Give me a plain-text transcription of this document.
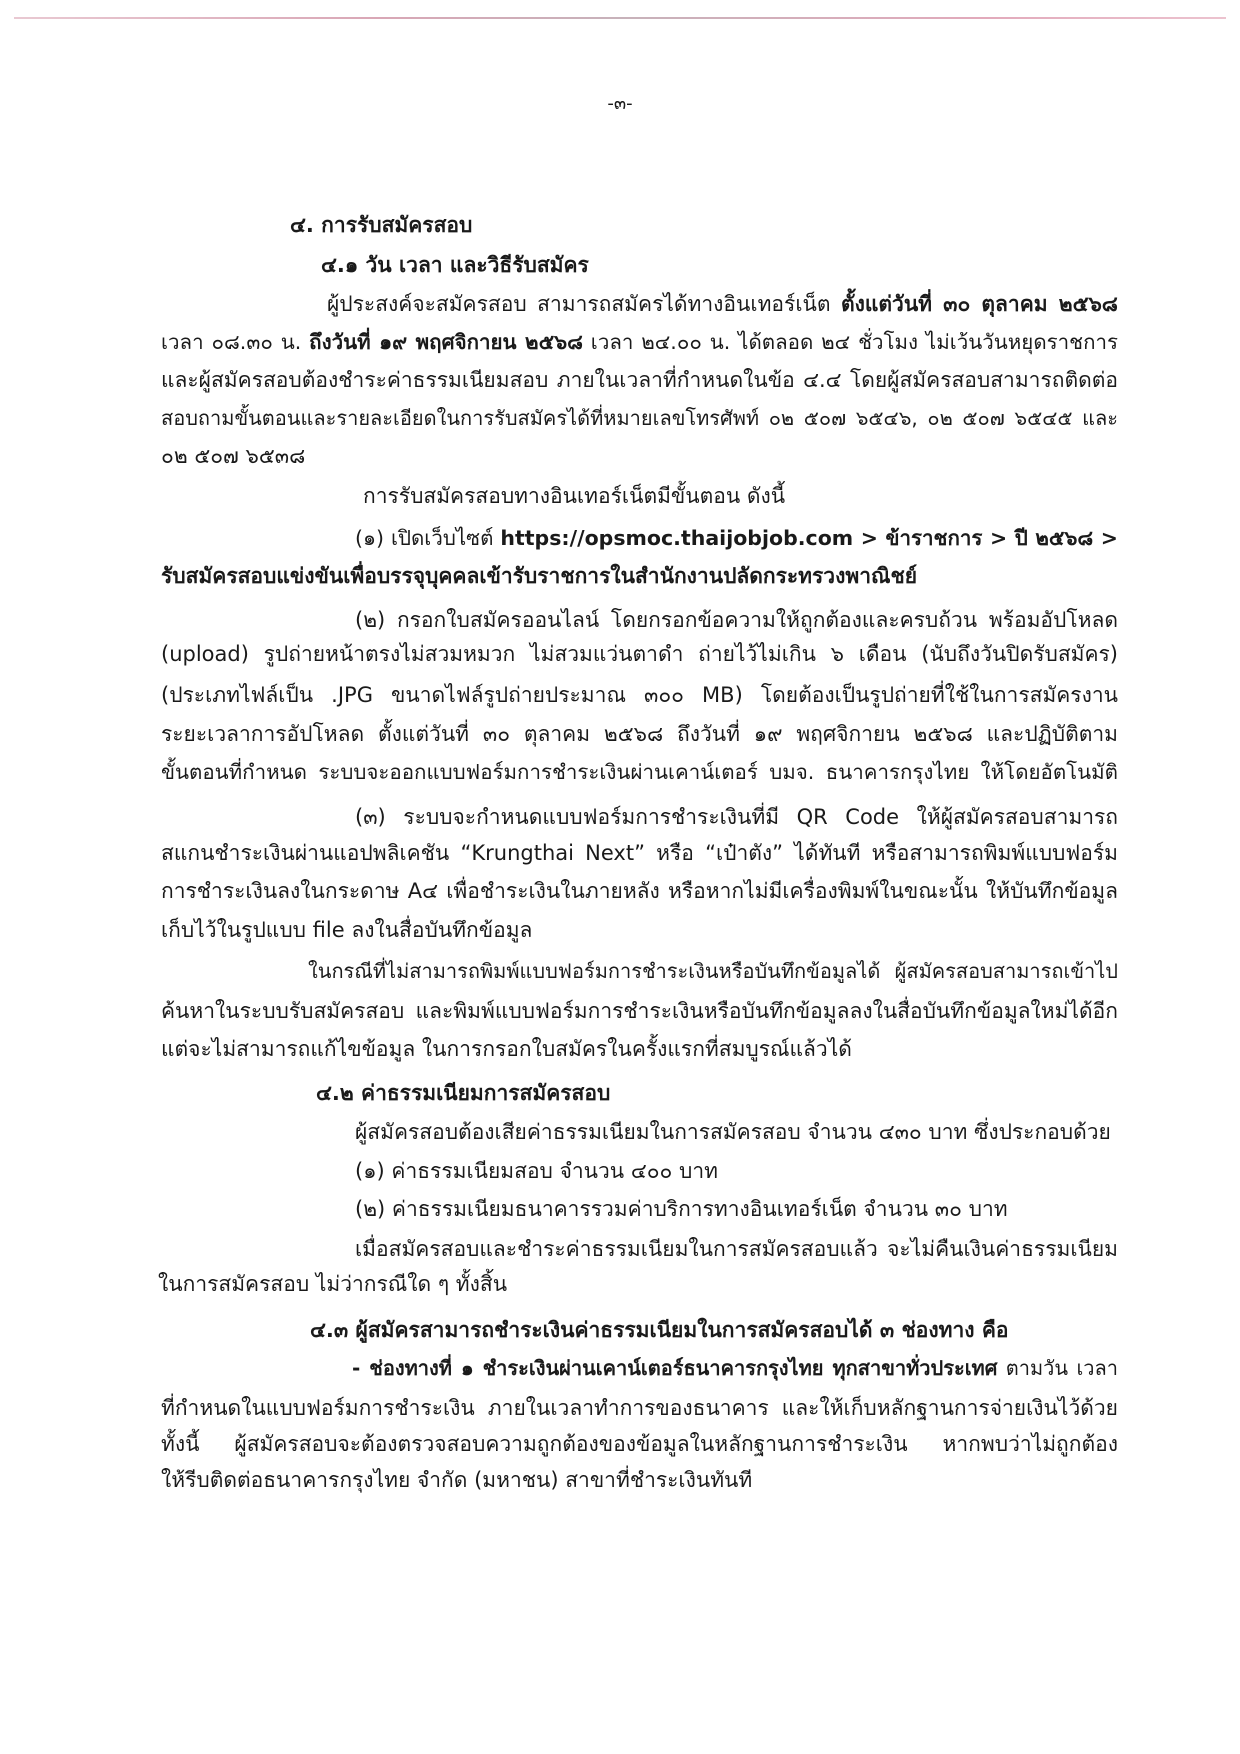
-๓-
๔. การรับสมัครสอบ
๔.๑ วัน เวลา และวิธีรับสมัคร
ผู้ประสงค์จะสมัครสอบ สามารถสมัครได้ทางอินเทอร์เน็ต ตั้งแต่วันที่ ๓๐ ตุลาคม ๒๕๖๘
เวลา ๐๘.๓๐ น. ถึงวันที่ ๑๙ พฤศจิกายน ๒๕๖๘ เวลา ๒๔.๐๐ น. ได้ตลอด ๒๔ ชั่วโมง ไม่เว้นวันหยุดราชการ
และผู้สมัครสอบต้องชำระค่าธรรมเนียมสอบ ภายในเวลาที่กำหนดในข้อ ๔.๔ โดยผู้สมัครสอบสามารถติดต่อ
สอบถามขั้นตอนและรายละเอียดในการรับสมัครได้ที่หมายเลขโทรศัพท์ ๐๒ ๕๐๗ ๖๕๔๖, ๐๒ ๕๐๗ ๖๕๔๕ และ
๐๒ ๕๐๗ ๖๕๓๘
การรับสมัครสอบทางอินเทอร์เน็ตมีขั้นตอน ดังนี้
(๑) เปิดเว็บไซต์ https://opsmoc.thaijobjob.com > ข้าราชการ > ปี ๒๕๖๘ >
รับสมัครสอบแข่งขันเพื่อบรรจุบุคคลเข้ารับราชการในสำนักงานปลัดกระทรวงพาณิชย์
(๒) กรอกใบสมัครออนไลน์ โดยกรอกข้อความให้ถูกต้องและครบถ้วน พร้อมอัปโหลด
(upload) รูปถ่ายหน้าตรงไม่สวมหมวก ไม่สวมแว่นตาดำ ถ่ายไว้ไม่เกิน ๖ เดือน (นับถึงวันปิดรับสมัคร)
(ประเภทไฟล์เป็น .JPG ขนาดไฟล์รูปถ่ายประมาณ ๓๐๐ MB) โดยต้องเป็นรูปถ่ายที่ใช้ในการสมัครงาน
ระยะเวลาการอัปโหลด ตั้งแต่วันที่ ๓๐ ตุลาคม ๒๕๖๘ ถึงวันที่ ๑๙ พฤศจิกายน ๒๕๖๘ และปฏิบัติตาม
ขั้นตอนที่กำหนด ระบบจะออกแบบฟอร์มการชำระเงินผ่านเคาน์เตอร์ บมจ. ธนาคารกรุงไทย ให้โดยอัตโนมัติ
(๓) ระบบจะกำหนดแบบฟอร์มการชำระเงินที่มี QR Code ให้ผู้สมัครสอบสามารถ
สแกนชำระเงินผ่านแอปพลิเคชัน “Krungthai Next” หรือ “เป๋าตัง” ได้ทันที หรือสามารถพิมพ์แบบฟอร์ม
การชำระเงินลงในกระดาษ A๔ เพื่อชำระเงินในภายหลัง หรือหากไม่มีเครื่องพิมพ์ในขณะนั้น ให้บันทึกข้อมูล
เก็บไว้ในรูปแบบ file ลงในสื่อบันทึกข้อมูล
ในกรณีที่ไม่สามารถพิมพ์แบบฟอร์มการชำระเงินหรือบันทึกข้อมูลได้ ผู้สมัครสอบสามารถเข้าไป
ค้นหาในระบบรับสมัครสอบ และพิมพ์แบบฟอร์มการชำระเงินหรือบันทึกข้อมูลลงในสื่อบันทึกข้อมูลใหม่ได้อีก
แต่จะไม่สามารถแก้ไขข้อมูล ในการกรอกใบสมัครในครั้งแรกที่สมบูรณ์แล้วได้
๔.๒ ค่าธรรมเนียมการสมัครสอบ
ผู้สมัครสอบต้องเสียค่าธรรมเนียมในการสมัครสอบ จำนวน ๔๓๐ บาท ซึ่งประกอบด้วย
(๑) ค่าธรรมเนียมสอบ จำนวน ๔๐๐ บาท
(๒) ค่าธรรมเนียมธนาคารรวมค่าบริการทางอินเทอร์เน็ต จำนวน ๓๐ บาท
เมื่อสมัครสอบและชำระค่าธรรมเนียมในการสมัครสอบแล้ว จะไม่คืนเงินค่าธรรมเนียม
ในการสมัครสอบ ไม่ว่ากรณีใด ๆ ทั้งสิ้น
๔.๓ ผู้สมัครสามารถชำระเงินค่าธรรมเนียมในการสมัครสอบได้ ๓ ช่องทาง คือ
- ช่องทางที่ ๑ ชำระเงินผ่านเคาน์เตอร์ธนาคารกรุงไทย ทุกสาขาทั่วประเทศ ตามวัน เวลา
ที่กำหนดในแบบฟอร์มการชำระเงิน ภายในเวลาทำการของธนาคาร และให้เก็บหลักฐานการจ่ายเงินไว้ด้วย
ทั้งนี้ ผู้สมัครสอบจะต้องตรวจสอบความถูกต้องของข้อมูลในหลักฐานการชำระเงิน หากพบว่าไม่ถูกต้อง
ให้รีบติดต่อธนาคารกรุงไทย จำกัด (มหาชน) สาขาที่ชำระเงินทันที
